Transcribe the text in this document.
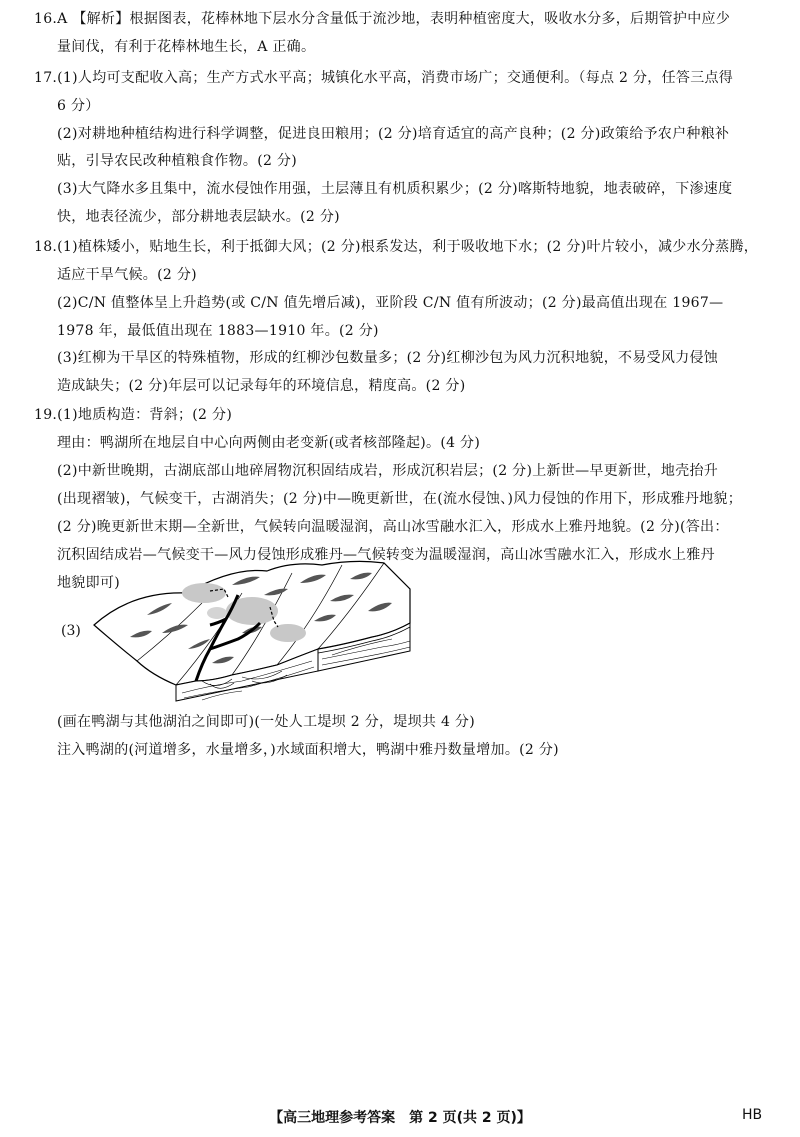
16.A 【解析】根据图表，花棒林地下层水分含量低于流沙地，表明种植密度大，吸收水分多，后期管护中应少
量间伐，有利于花棒林地生长，A 正确。
17.(1)人均可支配收入高；生产方式水平高；城镇化水平高，消费市场广；交通便利。（每点 2 分，任答三点得
6 分）
(2)对耕地种植结构进行科学调整，促进良田粮用；(2 分)培育适宜的高产良种；(2 分)政策给予农户种粮补
贴，引导农民改种植粮食作物。(2 分)
(3)大气降水多且集中，流水侵蚀作用强，土层薄且有机质积累少；(2 分)喀斯特地貌，地表破碎，下渗速度
快，地表径流少，部分耕地表层缺水。(2 分)
18.(1)植株矮小，贴地生长，利于抵御大风；(2 分)根系发达，利于吸收地下水；(2 分)叶片较小，减少水分蒸腾，
适应干旱气候。(2 分)
(2)C/N 值整体呈上升趋势(或 C/N 值先增后减)，亚阶段 C/N 值有所波动；(2 分)最高值出现在 1967—
1978 年，最低值出现在 1883—1910 年。(2 分)
(3)红柳为干旱区的特殊植物，形成的红柳沙包数量多；(2 分)红柳沙包为风力沉积地貌，不易受风力侵蚀
造成缺失；(2 分)年层可以记录每年的环境信息，精度高。(2 分)
19.(1)地质构造：背斜；(2 分)
理由：鸭湖所在地层自中心向两侧由老变新(或者核部隆起)。(4 分)
(2)中新世晚期，古湖底部山地碎屑物沉积固结成岩，形成沉积岩层；(2 分)上新世—早更新世，地壳抬升
(出现褶皱)，气候变干，古湖消失；(2 分)中—晚更新世，在(流水侵蚀、)风力侵蚀的作用下，形成雅丹地貌；
(2 分)晚更新世末期—全新世，气候转向温暖湿润，高山冰雪融水汇入，形成水上雅丹地貌。(2 分)(答出：
沉积固结成岩—气候变干—风力侵蚀形成雅丹—气候转变为温暖湿润，高山冰雪融水汇入，形成水上雅丹
地貌即可)
(3)
(画在鸭湖与其他湖泊之间即可)(一处人工堤坝 2 分，堤坝共 4 分)
注入鸭湖的(河道增多，水量增多，)水域面积增大，鸭湖中雅丹数量增加。(2 分)
【高三地理参考答案　第 2 页(共 2 页)】	HB
